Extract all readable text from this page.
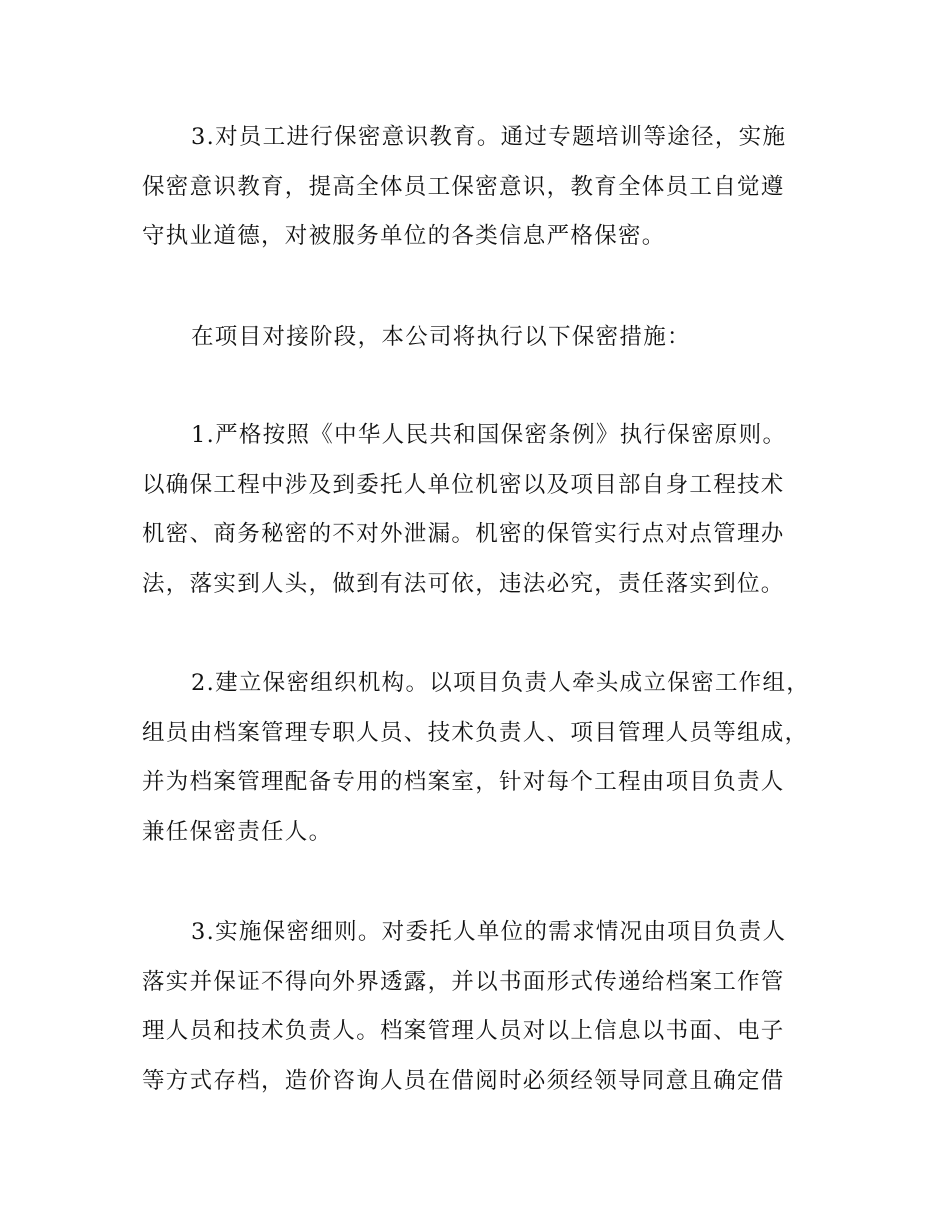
3.对员工进行保密意识教育。通过专题培训等途径，实施
保密意识教育，提高全体员工保密意识，教育全体员工自觉遵
守执业道德，对被服务单位的各类信息严格保密。
在项目对接阶段，本公司将执行以下保密措施：
1.严格按照《中华人民共和国保密条例》执行保密原则。
以确保工程中涉及到委托人单位机密以及项目部自身工程技术
机密、商务秘密的不对外泄漏。机密的保管实行点对点管理办
法，落实到人头，做到有法可依，违法必究，责任落实到位。
2.建立保密组织机构。以项目负责人牵头成立保密工作组，
组员由档案管理专职人员、技术负责人、项目管理人员等组成，
并为档案管理配备专用的档案室，针对每个工程由项目负责人
兼任保密责任人。
3.实施保密细则。对委托人单位的需求情况由项目负责人
落实并保证不得向外界透露，并以书面形式传递给档案工作管
理人员和技术负责人。档案管理人员对以上信息以书面、电子
等方式存档，造价咨询人员在借阅时必须经领导同意且确定借
